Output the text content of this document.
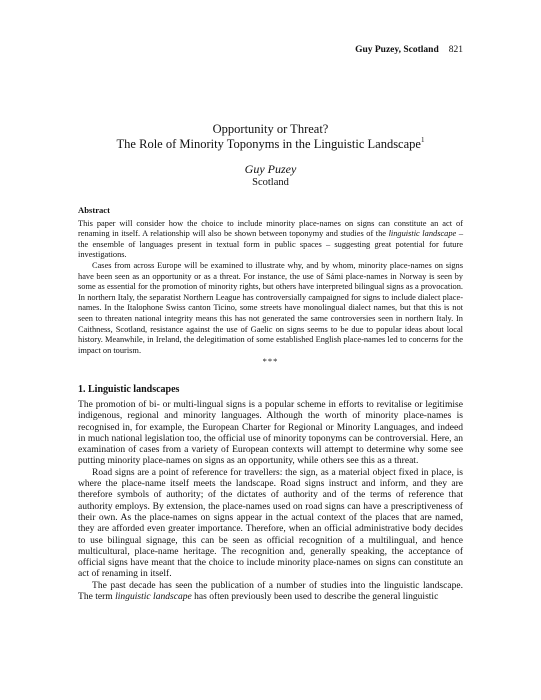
Guy Puzey, Scotland 821
Opportunity or Threat?
The Role of Minority Toponyms in the Linguistic Landscape$^1$
Guy Puzey
Scotland
Abstract

This paper will consider how the choice to include minority place-names on signs can constitute an act of renaming in itself. A relationship will also be shown between toponymy and studies of the linguistic landscape – the ensemble of languages present in textual form in public spaces – suggesting great potential for future investigations.

Cases from across Europe will be examined to illustrate why, and by whom, minority place-names on signs have been seen as an opportunity or as a threat. For instance, the use of Sámi place-names in Norway is seen by some as essential for the promotion of minority rights, but others have interpreted bilingual signs as a provocation. In northern Italy, the separatist Northern League has controversially campaigned for signs to include dialect place-names. In the Italophone Swiss canton Ticino, some streets have monolingual dialect names, but that this is not seen to threaten national integrity means this has not generated the same controversies seen in northern Italy. In Caithness, Scotland, resistance against the use of Gaelic on signs seems to be due to popular ideas about local history. Meanwhile, in Ireland, the delegitimation of some established English place-names led to concerns for the impact on tourism.

***
1. Linguistic landscapes

The promotion of bi- or multi-lingual signs is a popular scheme in efforts to revitalise or legitimise indigenous, regional and minority languages. Although the worth of minority place-names is recognised in, for example, the European Charter for Regional or Minority Languages, and indeed in much national legislation too, the official use of minority toponyms can be controversial. Here, an examination of cases from a variety of European contexts will attempt to determine why some see putting minority place-names on signs as an opportunity, while others see this as a threat.

Road signs are a point of reference for travellers: the sign, as a material object fixed in place, is where the place-name itself meets the landscape. Road signs instruct and inform, and they are therefore symbols of authority; of the dictates of authority and of the terms of reference that authority employs. By extension, the place-names used on road signs can have a prescriptiveness of their own. As the place-names on signs appear in the actual context of the places that are named, they are afforded even greater importance. Therefore, when an official administrative body decides to use bilingual signage, this can be seen as official recognition of a multilingual, and hence multicultural, place-name heritage. The recognition and, generally speaking, the acceptance of official signs have meant that the choice to include minority place-names on signs can constitute an act of renaming in itself.

The past decade has seen the publication of a number of studies into the linguistic landscape. The term linguistic landscape has often previously been used to describe the general linguistic
